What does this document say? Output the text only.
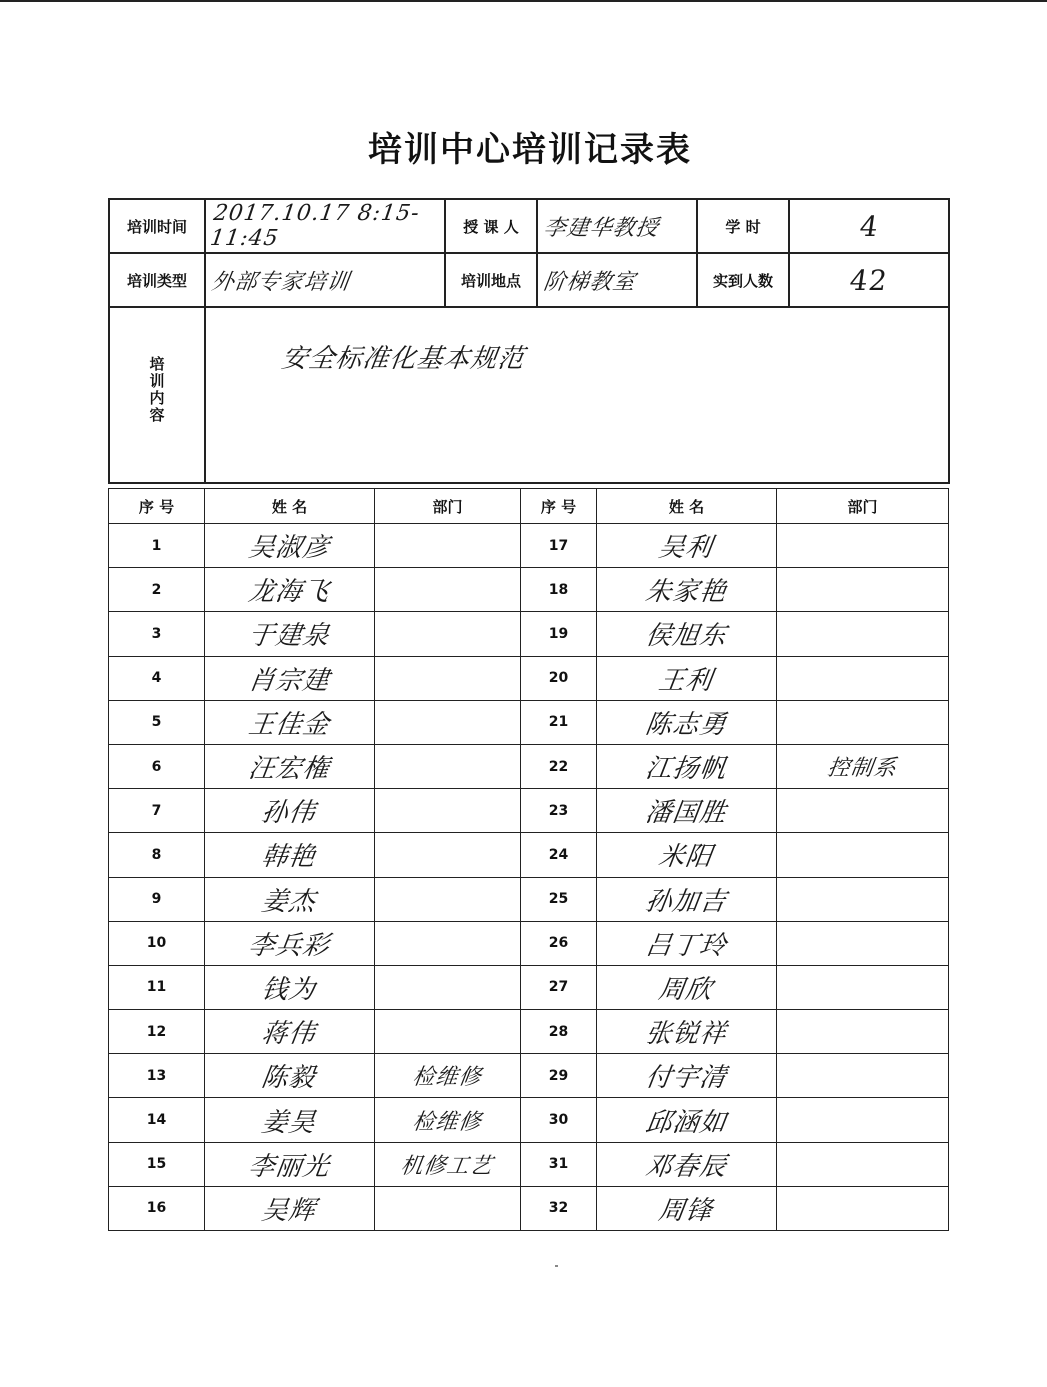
培训中心培训记录表
培训时间	2017.10.17 8:15-11:45	授 课 人	李建华教授	学 时	4
培训类型	外部专家培训	培训地点	阶梯教室	实到人数	42

培训内容	安全标准化基本规范				
序 号	姓 名	部门	序 号	姓 名	部门
1	吴淑彦		17	吴利	
2	龙海飞		18	朱家艳	
3	于建泉		19	侯旭东	
4	肖宗建		20	王利	
5	王佳金		21	陈志勇	
6	汪宏権		22	江扬帆	控制系
7	孙伟		23	潘国胜	
8	韩艳		24	米阳	
9	姜杰		25	孙加吉	
10	李兵彩		26	吕丁玲	
11	钱为		27	周欣	
12	蒋伟		28	张锐祥	
13	陈毅	检维修	29	付宇清	
14	姜昊	检维修	30	邱涵如	
15	李丽光	机修工艺	31	邓春辰	
16	吴辉		32	周锋	
